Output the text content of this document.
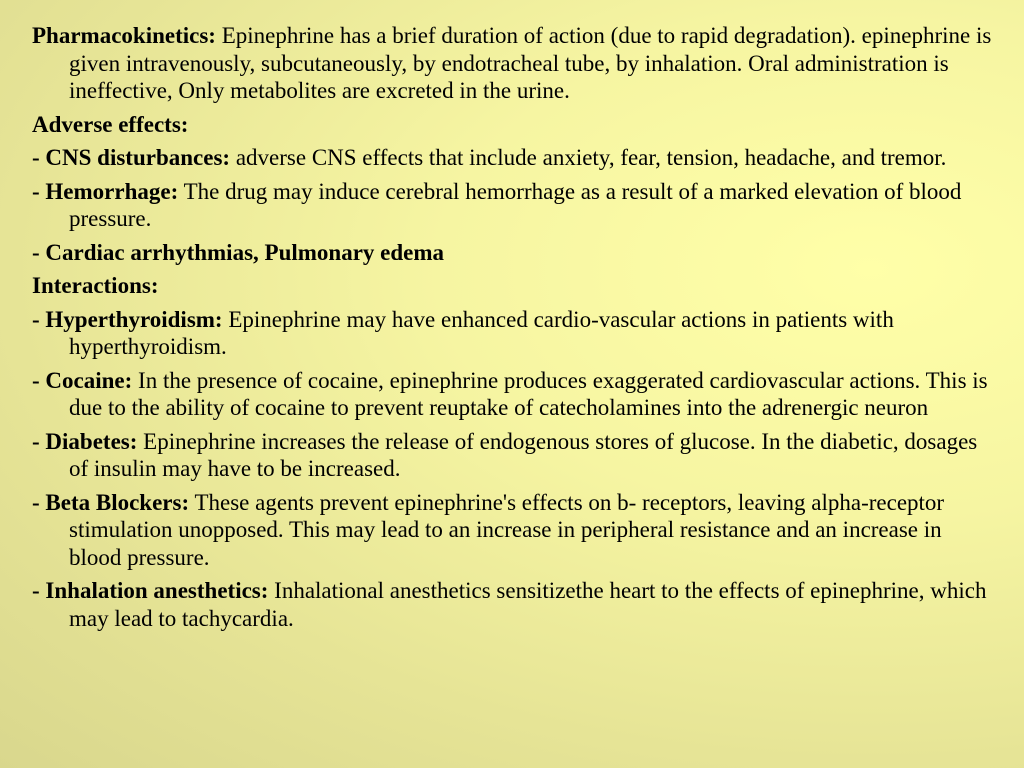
Pharmacokinetics: Epinephrine has a brief duration of action (due to rapid degradation). epinephrine is given intravenously, subcutaneously, by endotracheal tube, by inhalation. Oral administration is ineffective, Only metabolites are excreted in the urine.

Adverse effects:

- CNS disturbances: adverse CNS effects that include anxiety, fear, tension, headache, and tremor.

- Hemorrhage: The drug may induce cerebral hemorrhage as a result of a marked elevation of blood pressure.

- Cardiac arrhythmias, Pulmonary edema

Interactions:

- Hyperthyroidism: Epinephrine may have enhanced cardio-vascular actions in patients with hyperthyroidism.

- Cocaine: In the presence of cocaine, epinephrine produces exaggerated cardiovascular actions. This is due to the ability of cocaine to prevent reuptake of catecholamines into the adrenergic neuron

- Diabetes: Epinephrine increases the release of endogenous stores of glucose. In the diabetic, dosages of insulin may have to be increased.

- Beta Blockers: These agents prevent epinephrine's effects on b- receptors, leaving alpha-receptor stimulation unopposed. This may lead to an increase in peripheral resistance and an increase in blood pressure.

- Inhalation anesthetics: Inhalational anesthetics sensitizethe heart to the effects of epinephrine, which may lead to tachycardia.
